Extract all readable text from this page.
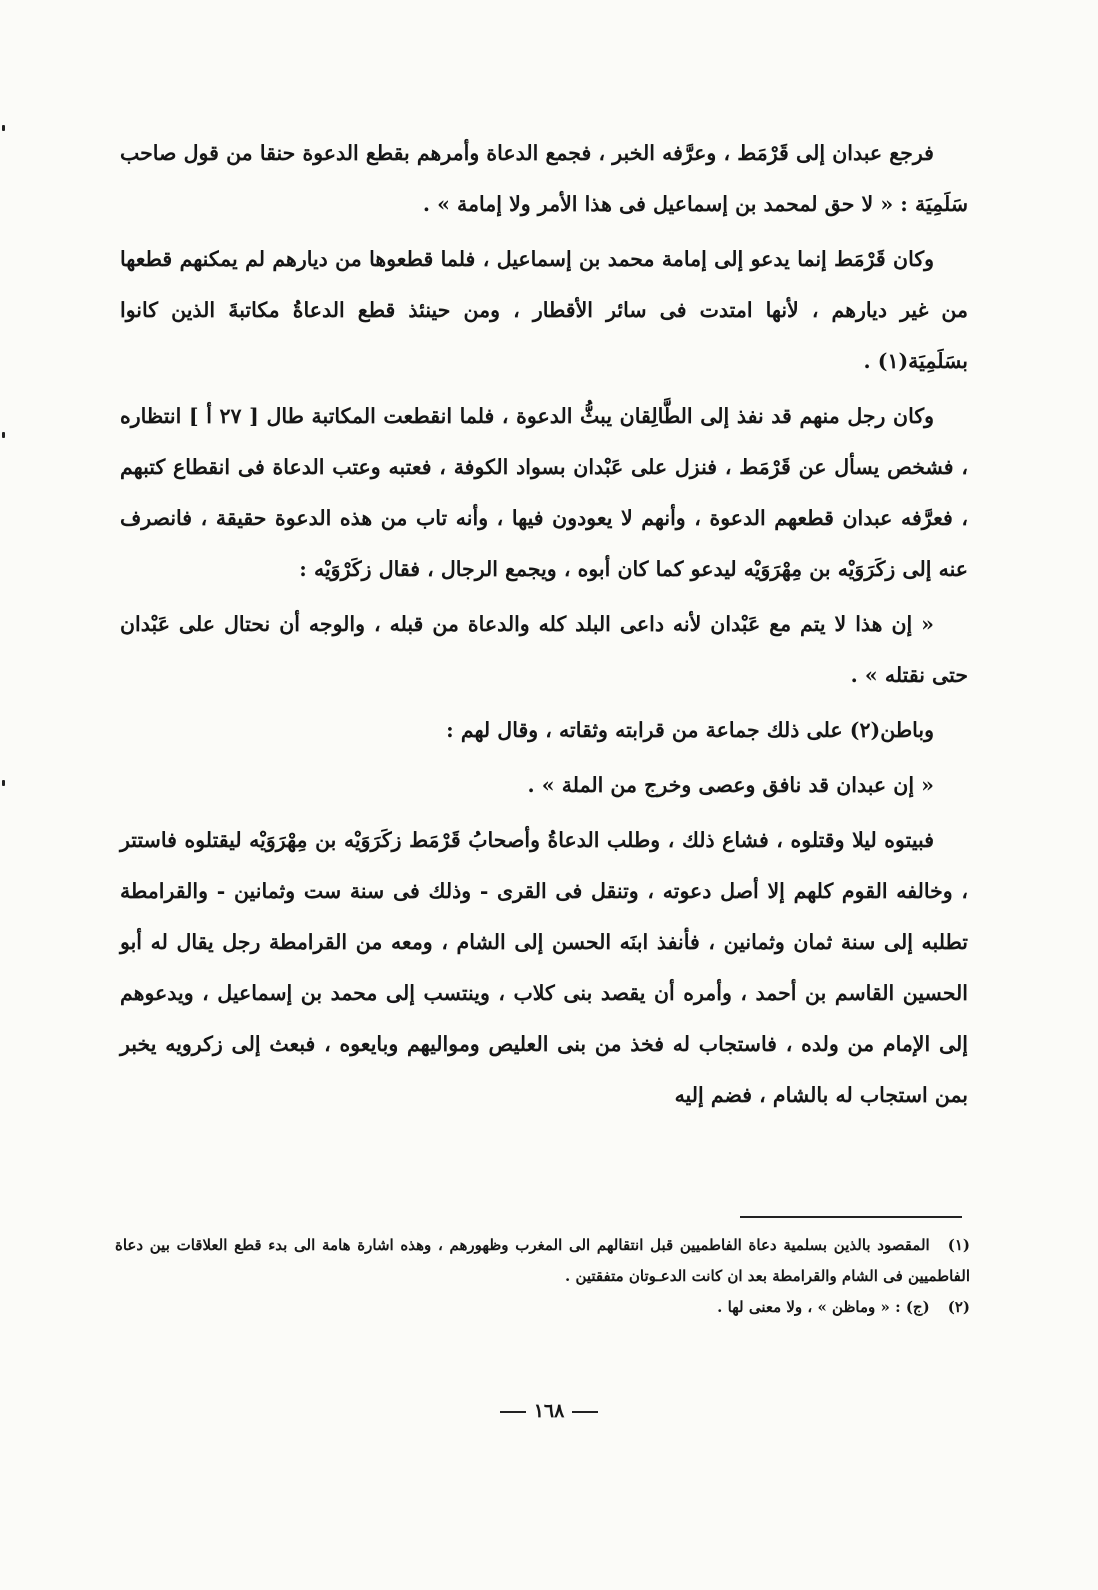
فرجع عبدان إلى قَرْمَط ، وعرَّفه الخبر ، فجمع الدعاة وأمرهم بقطع الدعوة حنقا من قول صاحب سَلَمِيَة : « لا حق لمحمد بن إسماعيل فى هذا الأمر ولا إمامة » .

وكان قَرْمَط إنما يدعو إلى إمامة محمد بن إسماعيل ، فلما قطعوها من ديارهم لم يمكنهم قطعها من غير ديارهم ، لأنها امتدت فى سائر الأقطار ، ومن حينئذ قطع الدعاةُ مكاتبةَ الذين كانوا بسَلَمِيَة(١) .

وكان رجل منهم قد نفذ إلى الطَّالِقان يبثُّ الدعوة ، فلما انقطعت المكاتبة طال [ ٢٧ أ ] انتظاره ، فشخص يسأل عن قَرْمَط ، فنزل على عَبْدان بسواد الكوفة ، فعتبه وعتب الدعاة فى انقطاع كتبهم ، فعرَّفه عبدان قطعهم الدعوة ، وأنهم لا يعودون فيها ، وأنه تاب من هذه الدعوة حقيقة ، فانصرف عنه إلى زكَرَوَيْه بن مِهْرَوَيْه ليدعو كما كان أبوه ، ويجمع الرجال ، فقال زكَرْوَيْه :

« إن هذا لا يتم مع عَبْدان لأنه داعى البلد كله والدعاة من قبله ، والوجه أن نحتال على عَبْدان حتى نقتله » .

وباطن(٢) على ذلك جماعة من قرابته وثقاته ، وقال لهم :

« إن عبدان قد نافق وعصى وخرج من الملة » .

فبيتوه ليلا وقتلوه ، فشاع ذلك ، وطلب الدعاةُ وأصحابُ قَرْمَط زكَرَوَيْه بن مِهْرَوَيْه ليقتلوه فاستتر ، وخالفه القوم كلهم إلا أصل دعوته ، وتنقل فى القرى - وذلك فى سنة ست وثمانين - والقرامطة تطلبه إلى سنة ثمان وثمانين ، فأنفذ ابنَه الحسن إلى الشام ، ومعه من القرامطة رجل يقال له أبو الحسين القاسم بن أحمد ، وأمره أن يقصد بنى كلاب ، وينتسب إلى محمد بن إسماعيل ، ويدعوهم إلى الإمام من ولده ، فاستجاب له فخذ من بنى العليص ومواليهم وبايعوه ، فبعث إلى زكرويه يخبر بمن استجاب له بالشام ، فضم إليه

(١)المقصود بالذين بسلمية دعاة الفاطميين قبل انتقالهم الى المغرب وظهورهم ، وهذه اشارة هامة الى بدء قطع العلاقات بين دعاة الفاطميين فى الشام والقرامطة بعد ان كانت الدعـوتان متفقتين .

(٢)(ج) : « وماظن » ، ولا معنى لها .

١٦٨
